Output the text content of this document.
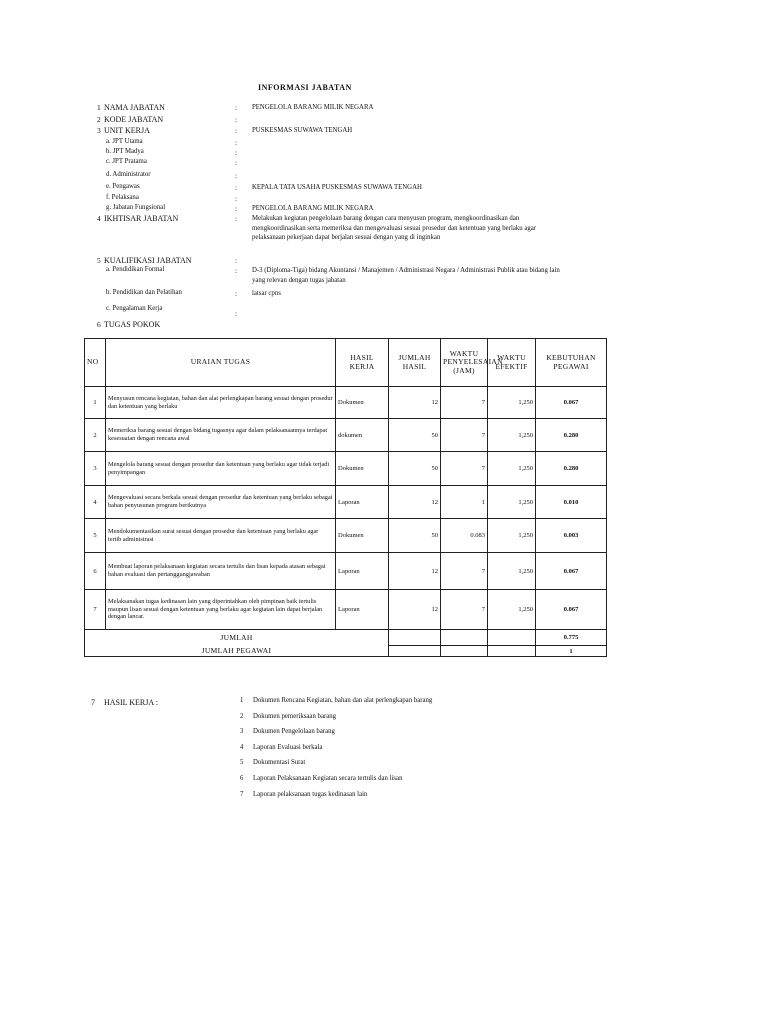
INFORMASI JABATAN
1 NAMA JABATAN	: PENGELOLA BARANG MILIK NEGARA
2 KODE JABATAN	:
3 UNIT KERJA	: PUSKESMAS SUWAWA TENGAH
a. JPT Utama	:
b. JPT Madya	:
c. JPT Pratama	:
d. Administrator	:
e. Pengawas	: KEPALA TATA USAHA PUSKESMAS SUWAWA TENGAH
f. Pelaksana	:
g. Jabatan Fungsional	: PENGELOLA BARANG MILIK NEGARA
4 IKHTISAR JABATAN	: Melakukan kegiatan pengelolaan barang dengan cara menyusun program, mengkoordinasikan dan mengkoordinasikan serta memeriksa dan mengevaluasi sesuai prosedur dan ketentuan yang berlaku agar pelaksanaan pekerjaan dapat berjalan sesuai dengan yang di inginkan
5 KUALIFIKASI JABATAN	:
a. Pendidikan Formal	: D-3 (Diploma-Tiga) bidang Akuntansi / Manajemen / Administrasi Negara / Administrasi Publik atau bidang lain yang relevan dengan tugas jabatan
b. Pendidikan dan Pelatihan	: latsar cpns
c. Pengalaman Kerja
:
6 TUGAS POKOK
NO	URAIAN TUGAS	HASIL KERJA	JUMLAH HASIL	WAKTU PENYELESAIAN (JAM)	WAKTU EFEKTIF	KEBUTUHAN PEGAWAI
1	Menyusun rencana kegiatan, bahan dan alat perlengkapan barang sesuai dengan prosedur dan ketentuan yang berlaku	Dokumen	12	7	1,250	0.067
2	Memeriksa barang sesuai dengan bidang tugasnya agar dalam pelaksanaannya terdapat kesesuaian dengan rencana awal	dokumen	50	7	1,250	0.280
3	Mengelola barang sesuai dengan prosedur dan ketentuan yang berlaku agar tidak terjadi penyimpangan	Dokumen	50	7	1,250	0.280
4	Mengevaluasi secara berkala sesuai dengan prosedur dan ketentuan yang berlaku sebagai bahan penyusunan program berikutnya	Laporan	12	1	1,250	0.010
5	Mendokumentasikan surat sesuai dengan prosedur dan ketentuan yang berlaku agar tertib administrasi	Dokumen	50	0.083	1,250	0.003
6	Membuat laporan pelaksanaan kegiatan secara tertulis dan lisan kepada atasan sebagai bahan evaluasi dan pertanggungjawaban	Laporan	12	7	1,250	0.067
7	Melaksanakan tugas kedinasan lain yang diperintahkan oleh pimpinan baik tertulis maupun lisan sesuai dengan ketentuan yang berlaku agar kegiatan lain dapat berjalan dengan lancar.	Laporan	12	7	1,250	0.067
JUMLAH						0.775
JUMLAH PEGAWAI						1
7 HASIL KERJA :	1 Dokumen Rencana Kegiatan, bahan dan alat perlengkapan barang
2 Dokumen pemeriksaan barang
3 Dokumen Pengelolaan barang
4 Laporan Evaluasi berkala
5 Dokumentasi Surat
6 Laporan Pelaksanaan Kegiatan secara tertulis dan lisan
7 Laporan pelaksanaan tugas kedinasan lain
